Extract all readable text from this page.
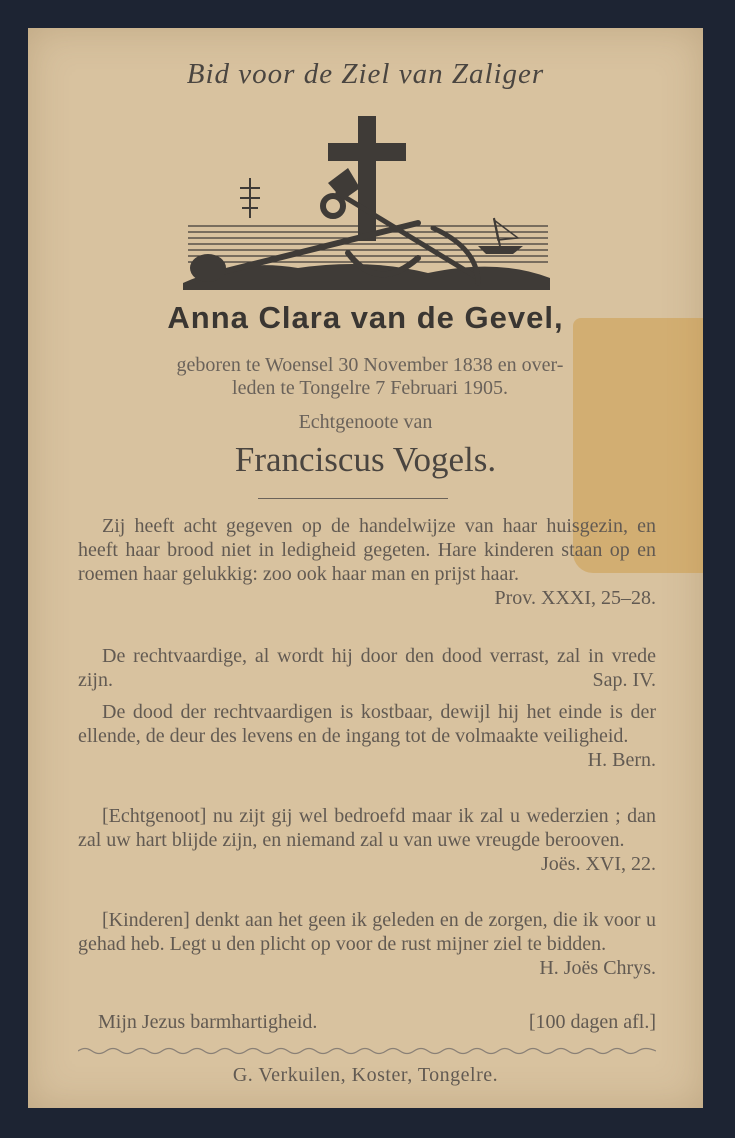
Bid voor de Ziel van Zaliger
Anna Clara van de Gevel,
geboren te Woensel 30 November 1838 en over-
leden te Tongelre 7 Februari 1905.
Echtgenoote van
Franciscus Vogels.
Zij heeft acht gegeven op de handelwijze van haar huisgezin, en heeft haar brood niet in ledigheid gegeten. Hare kinderen staan op en roemen haar gelukkig: zoo ook haar man en prijst haar.
Prov. XXXI, 25–28.
De rechtvaardige, al wordt hij door den dood verrast, zal in vrede zijn.	Sap. IV.
De dood der rechtvaardigen is kostbaar, dewijl hij het einde is der ellende, de deur des levens en de ingang tot de volmaakte veiligheid.
H. Bern.
[Echtgenoot] nu zijt gij wel bedroefd maar ik zal u wederzien ; dan zal uw hart blijde zijn, en niemand zal u van uwe vreugde berooven.
Joës. XVI, 22.
[Kinderen] denkt aan het geen ik geleden en de zorgen, die ik voor u gehad heb. Legt u den plicht op voor de rust mijner ziel te bidden.
H. Joës Chrys.
Mijn Jezus barmhartigheid.	[100 dagen afl.]
G. Verkuilen, Koster, Tongelre.
